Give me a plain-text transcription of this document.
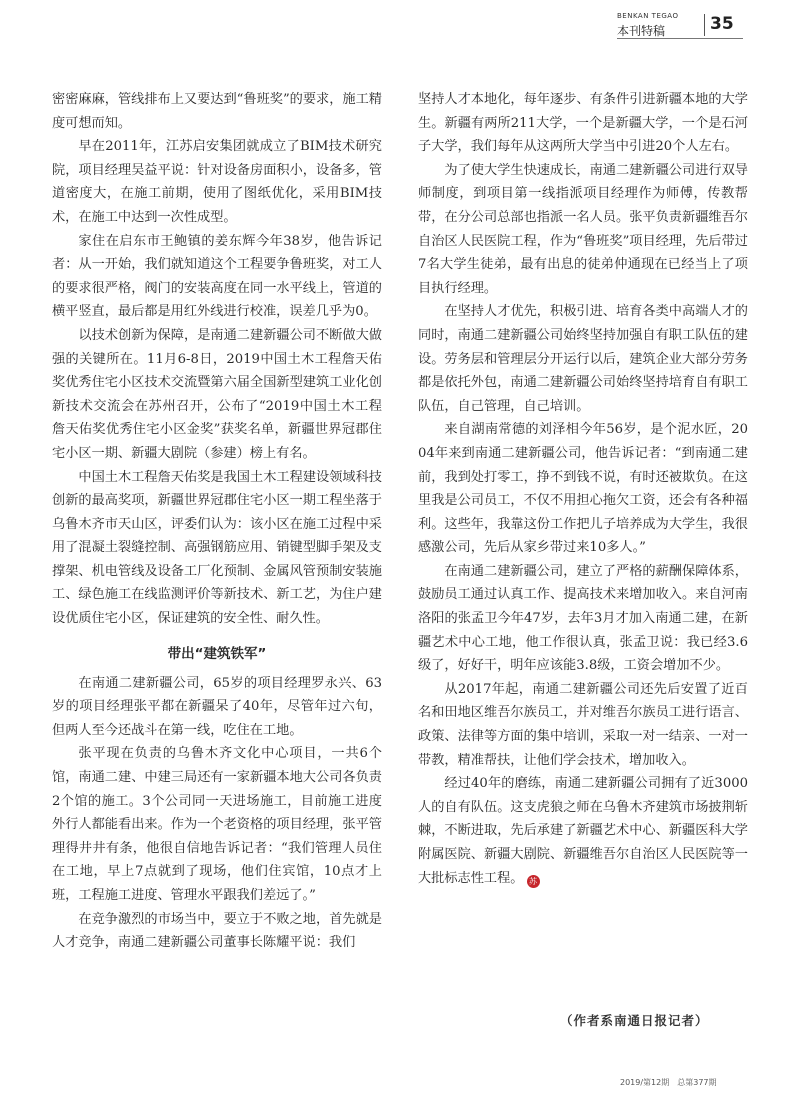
BENKAN TEGAO
本刊特稿	35

密密麻麻，管线排布上又要达到“鲁班奖”的要求，施工精度可想而知。

早在2011年，江苏启安集团就成立了BIM技术研究院，项目经理吴益平说：针对设备房面积小，设备多，管道密度大，在施工前期，使用了图纸优化，采用BIM技术，在施工中达到一次性成型。

家住在启东市王鲍镇的姜东辉今年38岁，他告诉记者：从一开始，我们就知道这个工程要争鲁班奖，对工人的要求很严格，阀门的安装高度在同一水平线上，管道的横平竖直，最后都是用红外线进行校准，误差几乎为0。

以技术创新为保障，是南通二建新疆公司不断做大做强的关键所在。11月6-8日，2019中国土木工程詹天佑奖优秀住宅小区技术交流暨第六届全国新型建筑工业化创新技术交流会在苏州召开，公布了“2019中国土木工程詹天佑奖优秀住宅小区金奖”获奖名单，新疆世界冠郡住宅小区一期、新疆大剧院（参建）榜上有名。

中国土木工程詹天佑奖是我国土木工程建设领域科技创新的最高奖项，新疆世界冠郡住宅小区一期工程坐落于乌鲁木齐市天山区，评委们认为：该小区在施工过程中采用了混凝土裂缝控制、高强钢筋应用、销键型脚手架及支撑架、机电管线及设备工厂化预制、金属风管预制安装施工、绿色施工在线监测评价等新技术、新工艺，为住户建设优质住宅小区，保证建筑的安全性、耐久性。

带出“建筑铁军”

在南通二建新疆公司，65岁的项目经理罗永兴、63岁的项目经理张平都在新疆呆了40年，尽管年过六旬，但两人至今还战斗在第一线，吃住在工地。

张平现在负责的乌鲁木齐文化中心项目，一共6个馆，南通二建、中建三局还有一家新疆本地大公司各负责2个馆的施工。3个公司同一天进场施工，目前施工进度外行人都能看出来。作为一个老资格的项目经理，张平管理得井井有条，他很自信地告诉记者：“我们管理人员住在工地，早上7点就到了现场，他们住宾馆，10点才上班，工程施工进度、管理水平跟我们差远了。”

在竞争激烈的市场当中，要立于不败之地，首先就是人才竞争，南通二建新疆公司董事长陈耀平说：我们

坚持人才本地化，每年逐步、有条件引进新疆本地的大学生。新疆有两所211大学，一个是新疆大学，一个是石河子大学，我们每年从这两所大学当中引进20个人左右。

为了使大学生快速成长，南通二建新疆公司进行双导师制度，到项目第一线指派项目经理作为师傅，传教帮带，在分公司总部也指派一名人员。张平负责新疆维吾尔自治区人民医院工程，作为“鲁班奖”项目经理，先后带过7名大学生徒弟，最有出息的徒弟仲通现在已经当上了项目执行经理。

在坚持人才优先，积极引进、培育各类中高端人才的同时，南通二建新疆公司始终坚持加强自有职工队伍的建设。劳务层和管理层分开运行以后，建筑企业大部分劳务都是依托外包，南通二建新疆公司始终坚持培育自有职工队伍，自己管理，自己培训。

来自湖南常德的刘泽相今年56岁，是个泥水匠，2004年来到南通二建新疆公司，他告诉记者：“到南通二建前，我到处打零工，挣不到钱不说，有时还被欺负。在这里我是公司员工，不仅不用担心拖欠工资，还会有各种福利。这些年，我靠这份工作把儿子培养成为大学生，我很感激公司，先后从家乡带过来10多人。”

在南通二建新疆公司，建立了严格的薪酬保障体系，鼓励员工通过认真工作、提高技术来增加收入。来自河南洛阳的张孟卫今年47岁，去年3月才加入南通二建，在新疆艺术中心工地，他工作很认真，张孟卫说：我已经3.6级了，好好干，明年应该能3.8级，工资会增加不少。

从2017年起，南通二建新疆公司还先后安置了近百名和田地区维吾尔族员工，并对维吾尔族员工进行语言、政策、法律等方面的集中培训，采取一对一结亲、一对一带教，精准帮扶，让他们学会技术，增加收入。

经过40年的磨练，南通二建新疆公司拥有了近3000人的自有队伍。这支虎狼之师在乌鲁木齐建筑市场披荆斩棘，不断进取，先后承建了新疆艺术中心、新疆医科大学附属医院、新疆大剧院、新疆维吾尔自治区人民医院等一大批标志性工程。 苏

（作者系南通日报记者）
2019/第12期　总第377期
